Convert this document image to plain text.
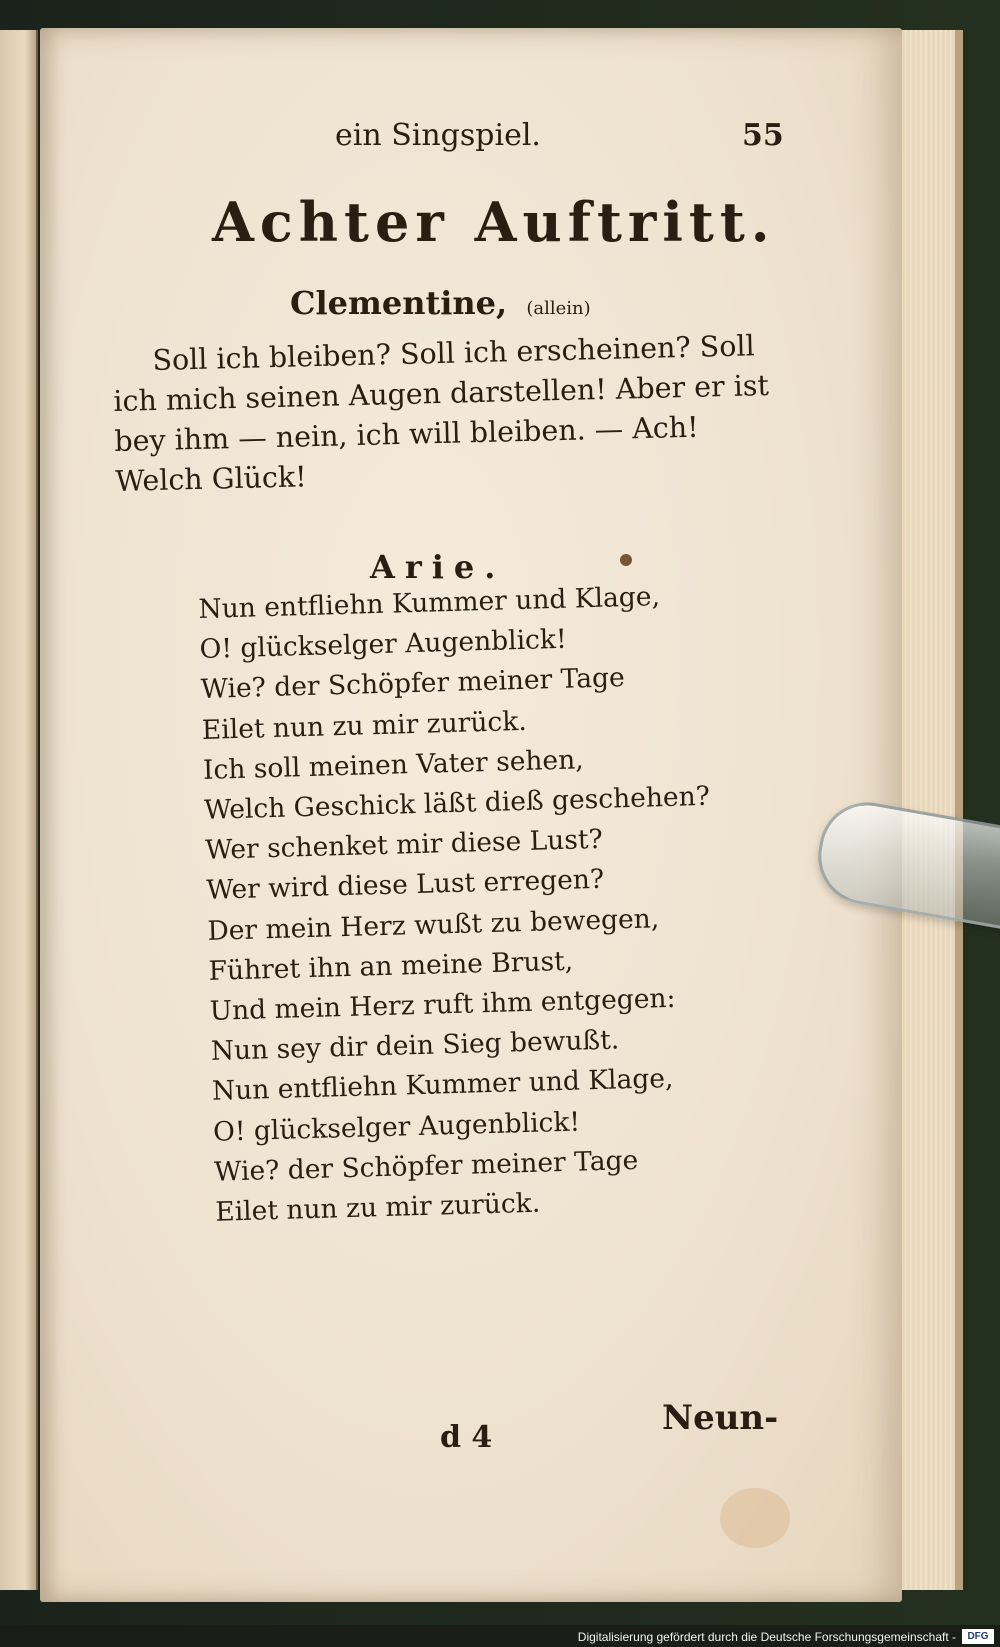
ein Singspiel.	55
Achter Auftritt.
Clementine, (allein)
Soll ich bleiben? Soll ich erscheinen? Soll
ich mich seinen Augen darstellen! Aber er ist
bey ihm — nein, ich will bleiben. — Ach!
Welch Glück!
Arie.
Nun entfliehn Kummer und Klage,
O! glückselger Augenblick!
Wie? der Schöpfer meiner Tage
Eilet nun zu mir zurück.
Ich soll meinen Vater sehen,
Welch Geschick läßt dieß geschehen?
Wer schenket mir diese Lust?
Wer wird diese Lust erregen?
Der mein Herz wußt zu bewegen,
Führet ihn an meine Brust,
Und mein Herz ruft ihm entgegen:
Nun sey dir dein Sieg bewußt.
Nun entfliehn Kummer und Klage,
O! glückselger Augenblick!
Wie? der Schöpfer meiner Tage
Eilet nun zu mir zurück.
d 4	Neun-
Digitalisierung gefördert durch die Deutsche Forschungsgemeinschaft -	DFG
